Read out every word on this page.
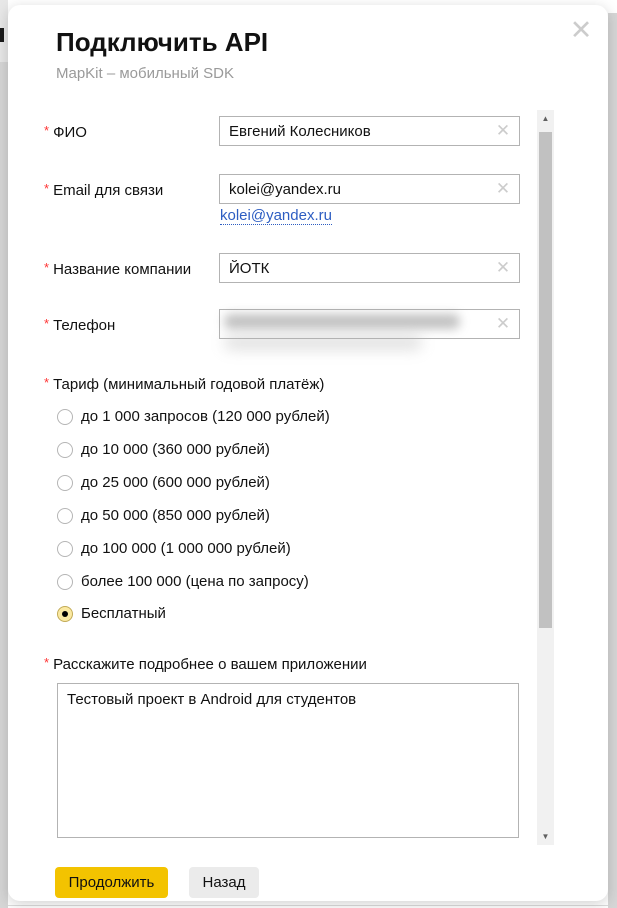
✕
Подключить API
MapKit – мобильный SDK
* ФИО
Евгений Колесников	✕
* Email для связи
kolei@yandex.ru	✕
kolei@yandex.ru
* Название компании
ЙОТК	✕
* Телефон	✕
* Тариф (минимальный годовой платёж)
до 1 000 запросов (120 000 рублей)
до 10 000 (360 000 рублей)
до 25 000 (600 000 рублей)
до 50 000 (850 000 рублей)
до 100 000 (1 000 000 рублей)
более 100 000 (цена по запросу)
Бесплатный
* Расскажите подробнее о вашем приложении
Тестовый проект в Android для студентов
Продолжить	Назад
▲
▼
